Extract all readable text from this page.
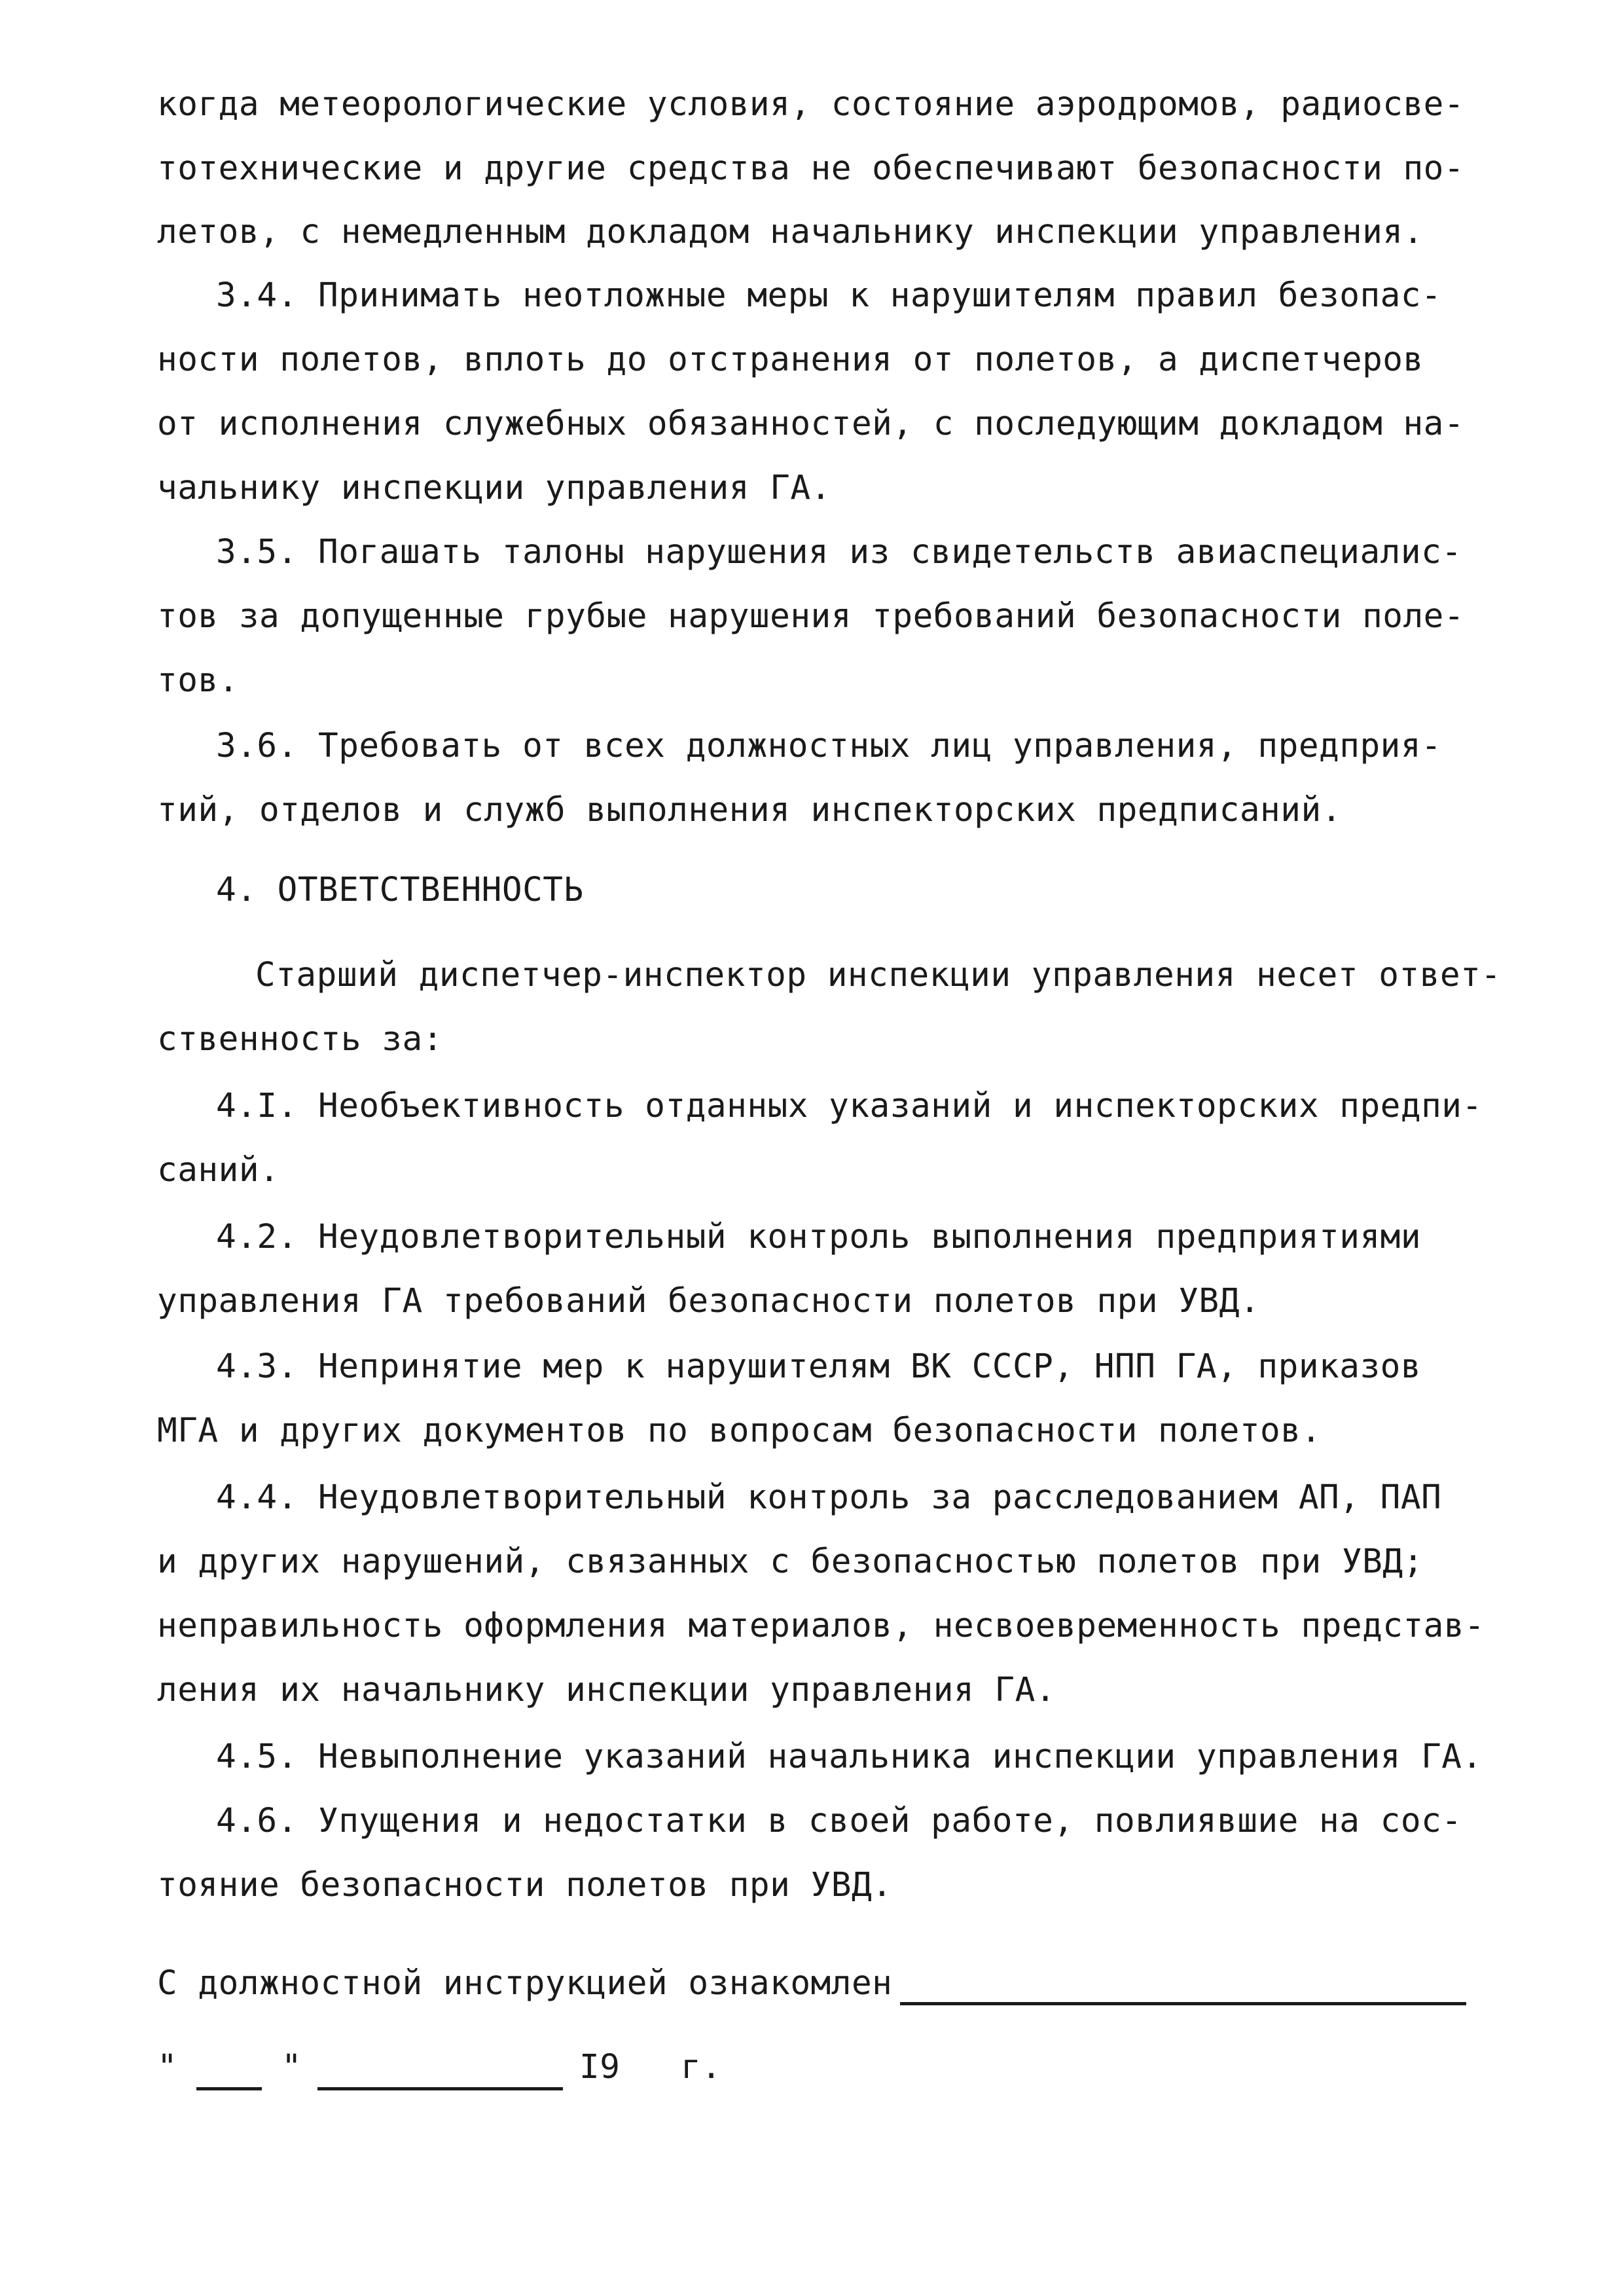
когда метеорологические условия, состояние аэродромов, радиосве-
тотехнические и другие средства не обеспечивают безопасности по-
летов, с немедленным докладом начальнику инспекции управления.
3.4. Принимать неотложные меры к нарушителям правил безопас-
ности полетов, вплоть до отстранения от полетов, а диспетчеров
от исполнения служебных обязанностей, с последующим докладом на-
чальнику инспекции управления ГА.
3.5. Погашать талоны нарушения из свидетельств авиаспециалис-
тов за допущенные грубые нарушения требований безопасности поле-
тов.
3.6. Требовать от всех должностных лиц управления, предприя-
тий, отделов и служб выполнения инспекторских предписаний.
4. ОТВЕТСТВЕННОСТЬ
Старший диспетчер-инспектор инспекции управления несет ответ-
ственность за:
4.I. Необъективность отданных указаний и инспекторских предпи-
саний.
4.2. Неудовлетворительный контроль выполнения предприятиями
управления ГА требований безопасности полетов при УВД.
4.3. Непринятие мер к нарушителям ВК СССР, НПП ГА, приказов
МГА и других документов по вопросам безопасности полетов.
4.4. Неудовлетворительный контроль за расследованием АП, ПАП
и других нарушений, связанных с безопасностью полетов при УВД;
неправильность оформления материалов, несвоевременность представ-
ления их начальнику инспекции управления ГА.
4.5. Невыполнение указаний начальника инспекции управления ГА.
4.6. Упущения и недостатки в своей работе, повлиявшие на сос-
тояние безопасности полетов при УВД.
С должностной инструкцией ознакомлен
"	"	I9 г.
